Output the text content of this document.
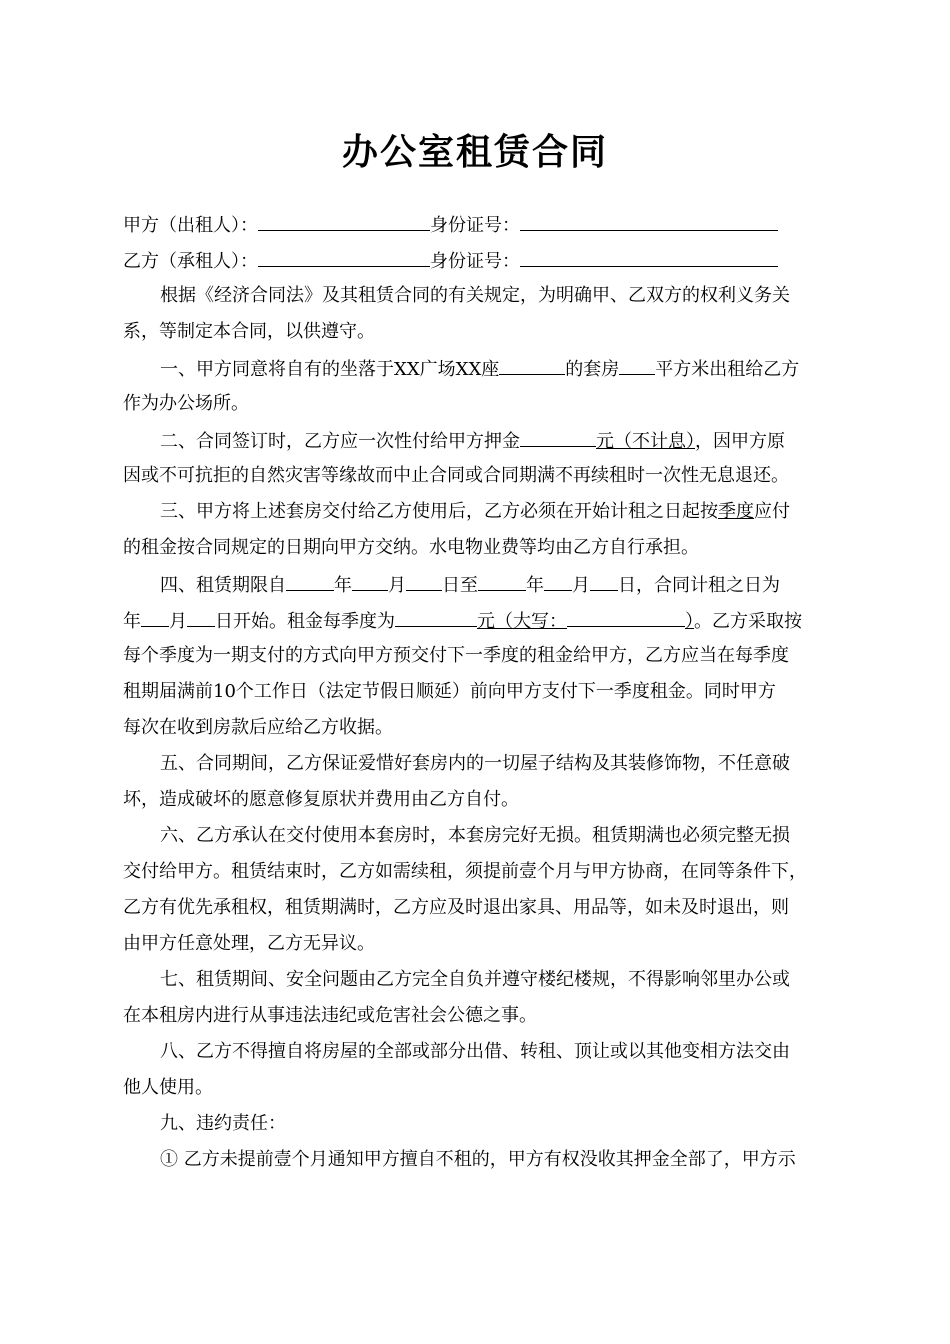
办公室租赁合同
甲方（出租人）：	身份证号：
乙方（承租人）：	身份证号：
根据《经济合同法》及其租赁合同的有关规定，为明确甲、乙双方的权利义务关
系，等制定本合同，以供遵守。
一、甲方同意将自有的坐落于XX广场XX座	的套房 平方米出租给乙方
作为办公场所。
二、合同签订时，乙方应一次性付给甲方押金	元（不计息），因甲方原
因或不可抗拒的自然灾害等缘故而中止合同或合同期满不再续租时一次性无息退还。
三、甲方将上述套房交付给乙方使用后，乙方必须在开始计租之日起按季度应付
的租金按合同规定的日期向甲方交纳。水电物业费等均由乙方自行承担。
四、租赁期限自	年 月 日至	年 月 日，合同计租之日为
年 月 日开始。租金每季度为	元（大写：	）。乙方采取按
每个季度为一期支付的方式向甲方预交付下一季度的租金给甲方，乙方应当在每季度
租期届满前10个工作日（法定节假日顺延）前向甲方支付下一季度租金。同时甲方
每次在收到房款后应给乙方收据。
五、合同期间，乙方保证爱惜好套房内的一切屋子结构及其装修饰物，不任意破
坏，造成破坏的愿意修复原状并费用由乙方自付。
六、乙方承认在交付使用本套房时，本套房完好无损。租赁期满也必须完整无损
交付给甲方。租赁结束时，乙方如需续租，须提前壹个月与甲方协商，在同等条件下，
乙方有优先承租权，租赁期满时，乙方应及时退出家具、用品等，如未及时退出，则
由甲方任意处理，乙方无异议。
七、租赁期间、安全问题由乙方完全自负并遵守楼纪楼规，不得影响邻里办公或
在本租房内进行从事违法违纪或危害社会公德之事。
八、乙方不得擅自将房屋的全部或部分出借、转租、顶让或以其他变相方法交由
他人使用。
九、违约责任：
① 乙方未提前壹个月通知甲方擅自不租的，甲方有权没收其押金全部了，甲方示
